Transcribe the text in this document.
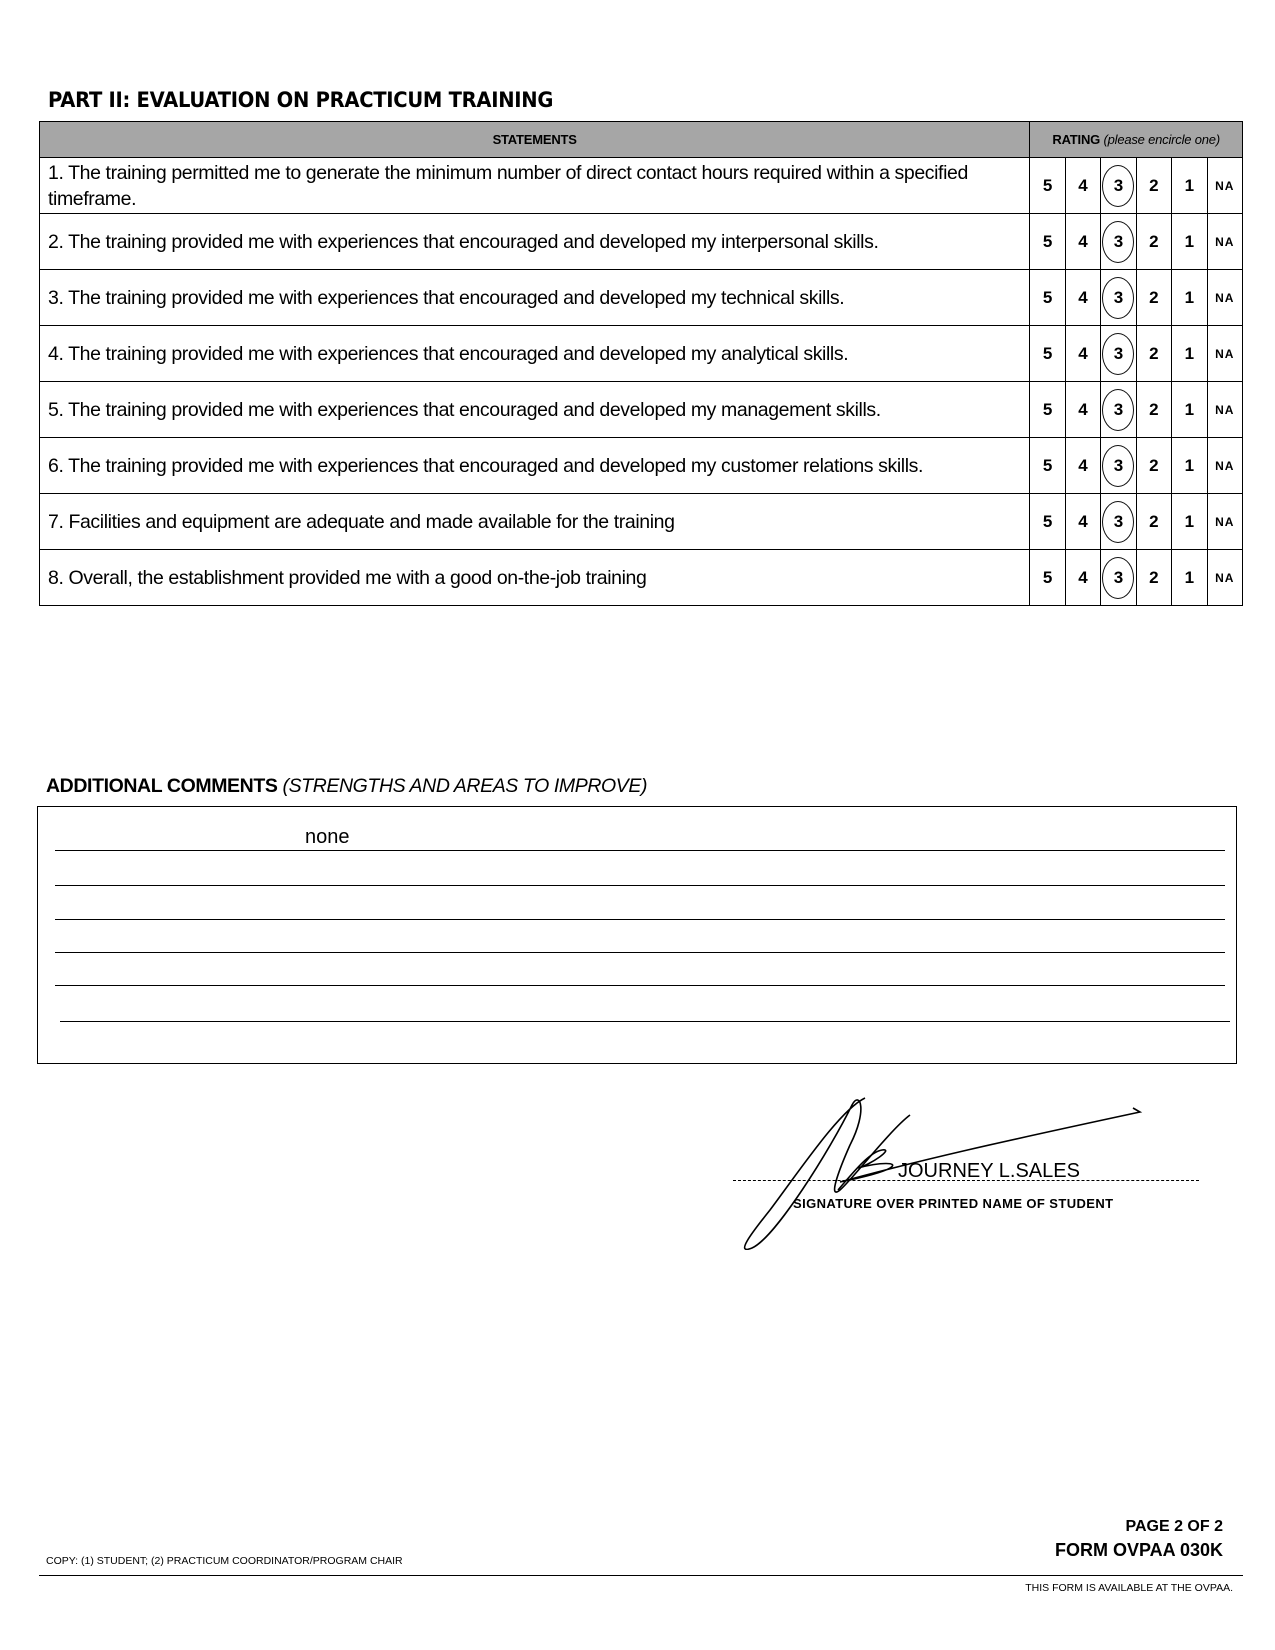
PART II: EVALUATION ON PRACTICUM TRAINING
STATEMENTS	RATING (please encircle one)					
1. The training permitted me to generate the minimum number of direct contact hours required within a specified timeframe.	5	4	3	2	1	NA
2. The training provided me with experiences that encouraged and developed my interpersonal skills.	5	4	3	2	1	NA
3. The training provided me with experiences that encouraged and developed my technical skills.	5	4	3	2	1	NA
4. The training provided me with experiences that encouraged and developed my analytical skills.	5	4	3	2	1	NA
5. The training provided me with experiences that encouraged and developed my management skills.	5	4	3	2	1	NA
6. The training provided me with experiences that encouraged and developed my customer relations skills.	5	4	3	2	1	NA
7. Facilities and equipment are adequate and made available for the training	5	4	3	2	1	NA
8. Overall, the establishment provided me with a good on-the-job training	5	4	3	2	1	NA
ADDITIONAL COMMENTS (STRENGTHS AND AREAS TO IMPROVE)
none
JOURNEY L.SALES
SIGNATURE OVER PRINTED NAME OF STUDENT
PAGE 2 OF 2
FORM OVPAA 030K
COPY: (1) STUDENT; (2) PRACTICUM COORDINATOR/PROGRAM CHAIR
THIS FORM IS AVAILABLE AT THE OVPAA.
